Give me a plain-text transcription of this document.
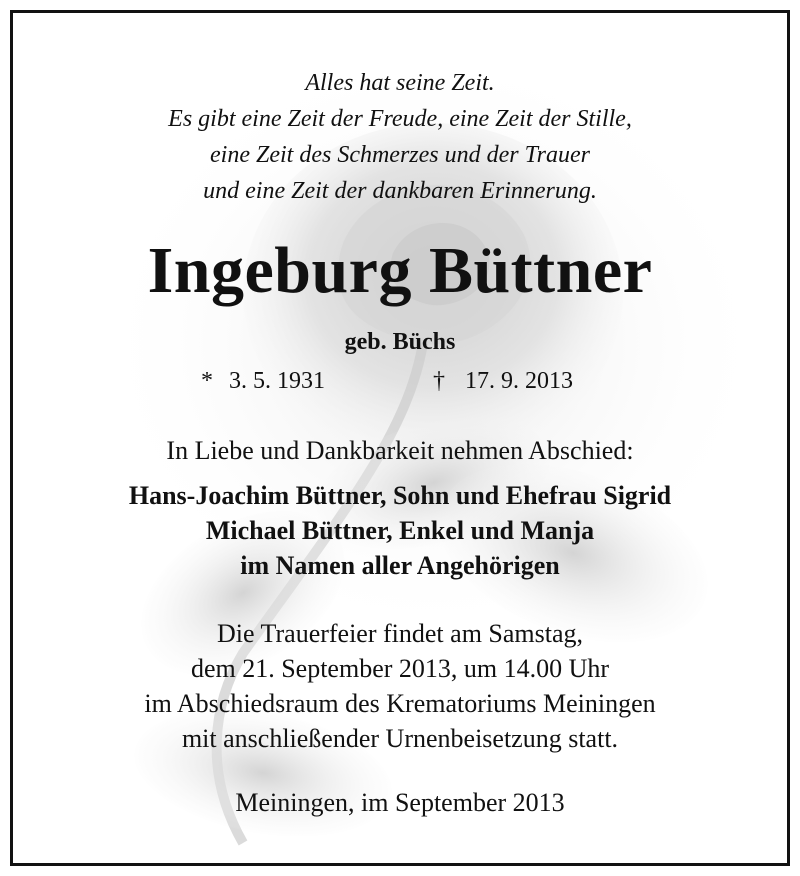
Alles hat seine Zeit.
Es gibt eine Zeit der Freude, eine Zeit der Stille,
eine Zeit des Schmerzes und der Trauer
und eine Zeit der dankbaren Erinnerung.
Ingeburg Büttner
geb. Büchs
* 3. 5. 1931	† 17. 9. 2013
In Liebe und Dankbarkeit nehmen Abschied:
Hans-Joachim Büttner, Sohn und Ehefrau Sigrid
Michael Büttner, Enkel und Manja
im Namen aller Angehörigen
Die Trauerfeier findet am Samstag,
dem 21. September 2013, um 14.00 Uhr
im Abschiedsraum des Krematoriums Meiningen
mit anschließender Urnenbeisetzung statt.
Meiningen, im September 2013
